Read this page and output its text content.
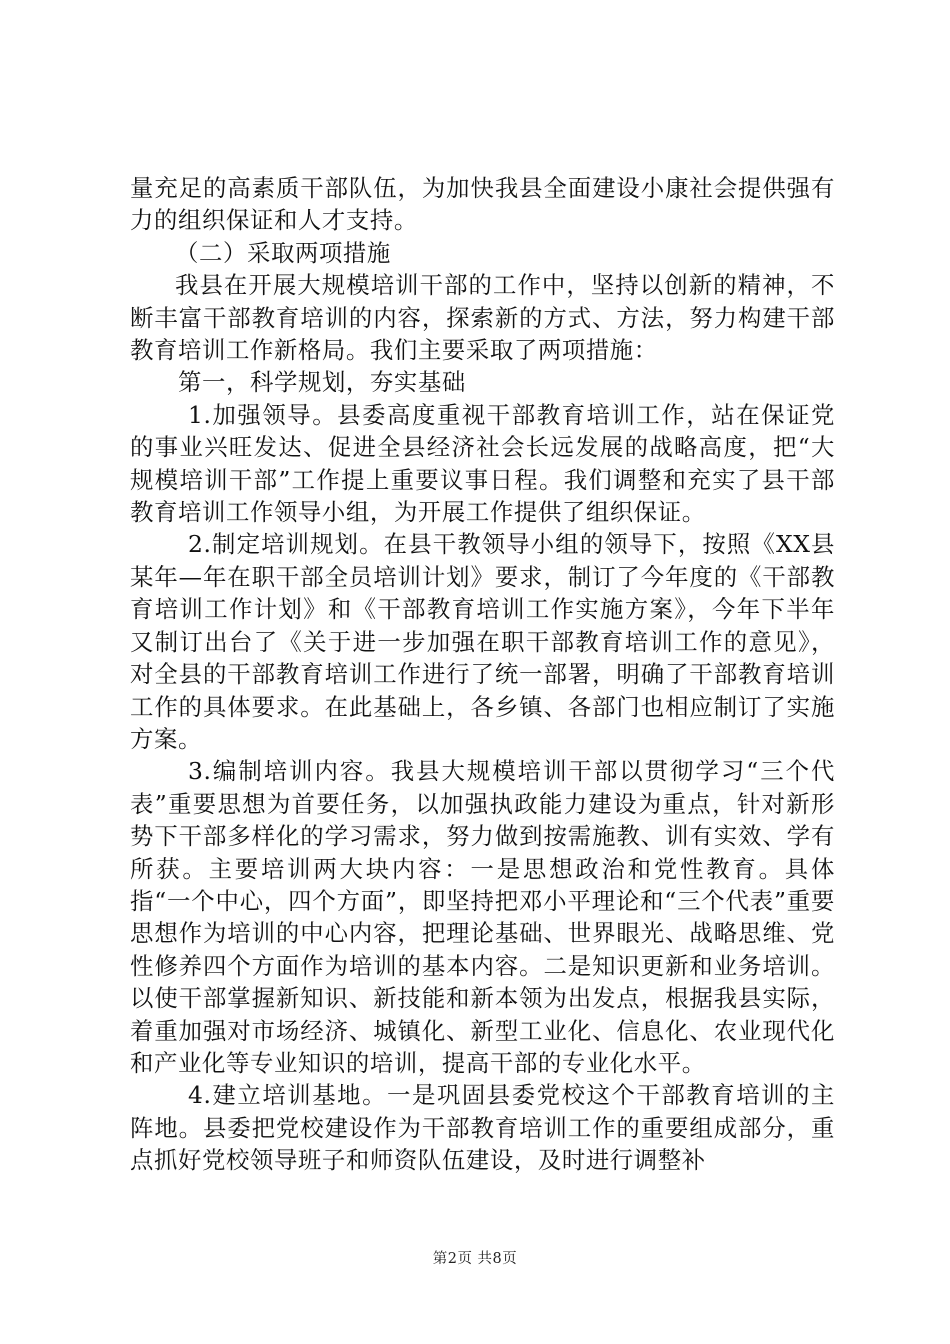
量充足的高素质干部队伍，为加快我县全面建设小康社会提供强有力的组织保证和人才支持。

（二）采取两项措施

我县在开展大规模培训干部的工作中，坚持以创新的精神，不断丰富干部教育培训的内容，探索新的方式、方法，努力构建干部教育培训工作新格局。我们主要采取了两项措施：

第一，科学规划，夯实基础

1.加强领导。县委高度重视干部教育培训工作，站在保证党的事业兴旺发达、促进全县经济社会长远发展的战略高度，把“大规模培训干部”工作提上重要议事日程。我们调整和充实了县干部教育培训工作领导小组，为开展工作提供了组织保证。

2.制定培训规划。在县干教领导小组的领导下，按照《XX县某年—年在职干部全员培训计划》要求，制订了今年度的《干部教育培训工作计划》和《干部教育培训工作实施方案》，今年下半年又制订出台了《关于进一步加强在职干部教育培训工作的意见》，对全县的干部教育培训工作进行了统一部署，明确了干部教育培训工作的具体要求。在此基础上，各乡镇、各部门也相应制订了实施方案。

3.编制培训内容。我县大规模培训干部以贯彻学习“三个代表”重要思想为首要任务，以加强执政能力建设为重点，针对新形势下干部多样化的学习需求，努力做到按需施教、训有实效、学有所获。主要培训两大块内容：一是思想政治和党性教育。具体指“一个中心，四个方面”，即坚持把邓小平理论和“三个代表”重要思想作为培训的中心内容，把理论基础、世界眼光、战略思维、党性修养四个方面作为培训的基本内容。二是知识更新和业务培训。以使干部掌握新知识、新技能和新本领为出发点，根据我县实际，着重加强对市场经济、城镇化、新型工业化、信息化、农业现代化和产业化等专业知识的培训，提高干部的专业化水平。

4.建立培训基地。一是巩固县委党校这个干部教育培训的主阵地。县委把党校建设作为干部教育培训工作的重要组成部分，重点抓好党校领导班子和师资队伍建设，及时进行调整补

第2页 共8页
